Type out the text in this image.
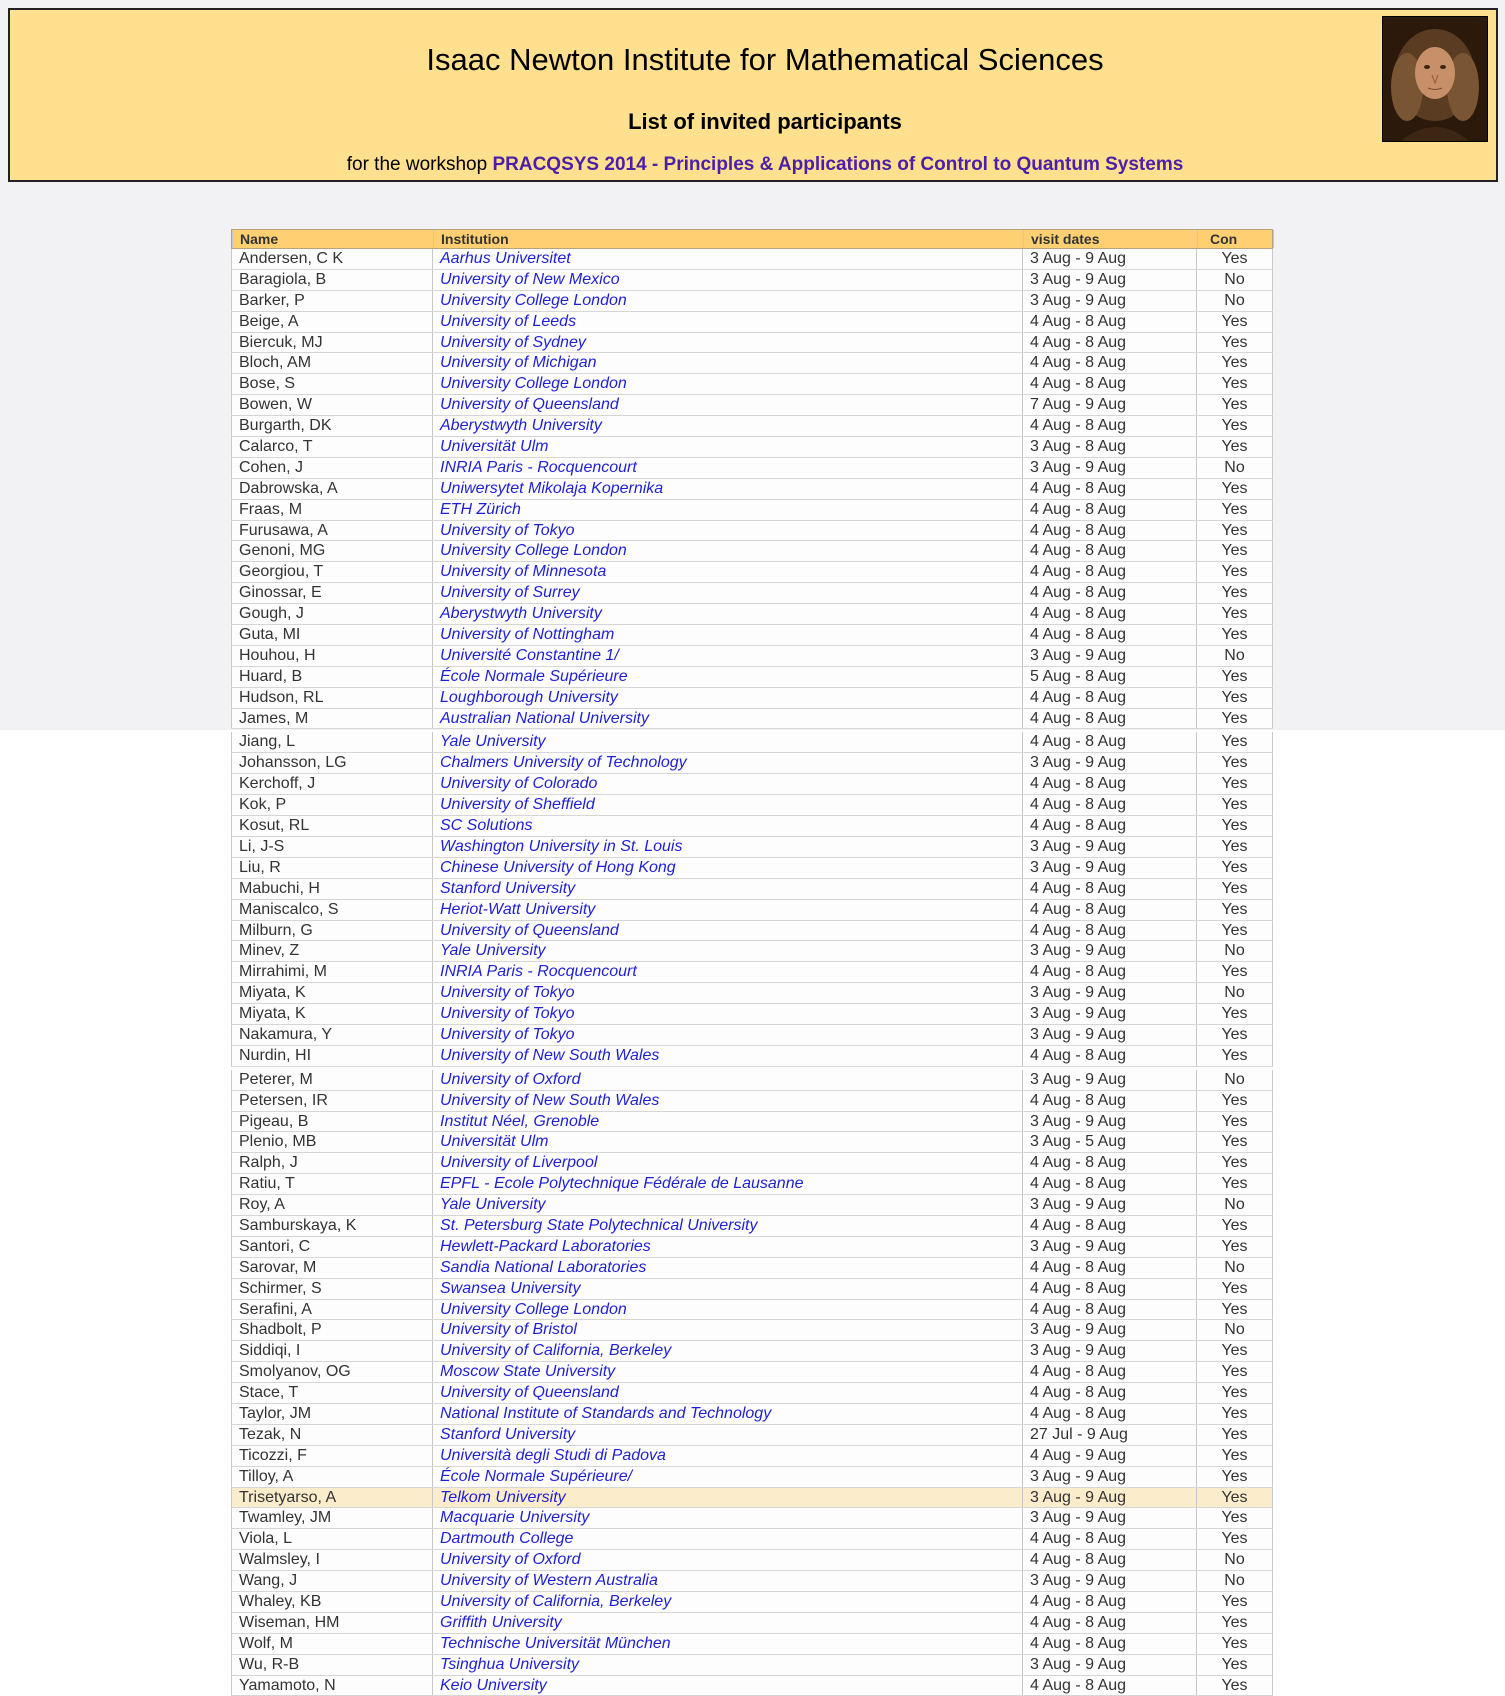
Isaac Newton Institute for Mathematical Sciences
List of invited participants
for the workshop PRACQSYS 2014 - Principles & Applications of Control to Quantum Systems
Name	Institution	visit dates	Con
Andersen, C K	Aarhus Universitet	3 Aug - 9 Aug	Yes
Baragiola, B	University of New Mexico	3 Aug - 9 Aug	No
Barker, P	University College London	3 Aug - 9 Aug	No
Beige, A	University of Leeds	4 Aug - 8 Aug	Yes
Biercuk, MJ	University of Sydney	4 Aug - 8 Aug	Yes
Bloch, AM	University of Michigan	4 Aug - 8 Aug	Yes
Bose, S	University College London	4 Aug - 8 Aug	Yes
Bowen, W	University of Queensland	7 Aug - 9 Aug	Yes
Burgarth, DK	Aberystwyth University	4 Aug - 8 Aug	Yes
Calarco, T	Universität Ulm	3 Aug - 8 Aug	Yes
Cohen, J	INRIA Paris - Rocquencourt	3 Aug - 9 Aug	No
Dabrowska, A	Uniwersytet Mikolaja Kopernika	4 Aug - 8 Aug	Yes
Fraas, M	ETH Zürich	4 Aug - 8 Aug	Yes
Furusawa, A	University of Tokyo	4 Aug - 8 Aug	Yes
Genoni, MG	University College London	4 Aug - 8 Aug	Yes
Georgiou, T	University of Minnesota	4 Aug - 8 Aug	Yes
Ginossar, E	University of Surrey	4 Aug - 8 Aug	Yes
Gough, J	Aberystwyth University	4 Aug - 8 Aug	Yes
Guta, MI	University of Nottingham	4 Aug - 8 Aug	Yes
Houhou, H	Université Constantine 1/	3 Aug - 9 Aug	No
Huard, B	École Normale Supérieure	5 Aug - 8 Aug	Yes
Hudson, RL	Loughborough University	4 Aug - 8 Aug	Yes
James, M	Australian National University	4 Aug - 8 Aug	Yes
Jiang, L	Yale University	4 Aug - 8 Aug	Yes
Johansson, LG	Chalmers University of Technology	3 Aug - 9 Aug	Yes
Kerchoff, J	University of Colorado	4 Aug - 8 Aug	Yes
Kok, P	University of Sheffield	4 Aug - 8 Aug	Yes
Kosut, RL	SC Solutions	4 Aug - 8 Aug	Yes
Li, J-S	Washington University in St. Louis	3 Aug - 9 Aug	Yes
Liu, R	Chinese University of Hong Kong	3 Aug - 9 Aug	Yes
Mabuchi, H	Stanford University	4 Aug - 8 Aug	Yes
Maniscalco, S	Heriot-Watt University	4 Aug - 8 Aug	Yes
Milburn, G	University of Queensland	4 Aug - 8 Aug	Yes
Minev, Z	Yale University	3 Aug - 9 Aug	No
Mirrahimi, M	INRIA Paris - Rocquencourt	4 Aug - 8 Aug	Yes
Miyata, K	University of Tokyo	3 Aug - 9 Aug	No
Miyata, K	University of Tokyo	3 Aug - 9 Aug	Yes
Nakamura, Y	University of Tokyo	3 Aug - 9 Aug	Yes
Nurdin, HI	University of New South Wales	4 Aug - 8 Aug	Yes
Peterer, M	University of Oxford	3 Aug - 9 Aug	No
Petersen, IR	University of New South Wales	4 Aug - 8 Aug	Yes
Pigeau, B	Institut Néel, Grenoble	3 Aug - 9 Aug	Yes
Plenio, MB	Universität Ulm	3 Aug - 5 Aug	Yes
Ralph, J	University of Liverpool	4 Aug - 8 Aug	Yes
Ratiu, T	EPFL - Ecole Polytechnique Fédérale de Lausanne	4 Aug - 8 Aug	Yes
Roy, A	Yale University	3 Aug - 9 Aug	No
Samburskaya, K	St. Petersburg State Polytechnical University	4 Aug - 8 Aug	Yes
Santori, C	Hewlett-Packard Laboratories	3 Aug - 9 Aug	Yes
Sarovar, M	Sandia National Laboratories	4 Aug - 8 Aug	No
Schirmer, S	Swansea University	4 Aug - 8 Aug	Yes
Serafini, A	University College London	4 Aug - 8 Aug	Yes
Shadbolt, P	University of Bristol	3 Aug - 9 Aug	No
Siddiqi, I	University of California, Berkeley	3 Aug - 9 Aug	Yes
Smolyanov, OG	Moscow State University	4 Aug - 8 Aug	Yes
Stace, T	University of Queensland	4 Aug - 8 Aug	Yes
Taylor, JM	National Institute of Standards and Technology	4 Aug - 8 Aug	Yes
Tezak, N	Stanford University	27 Jul - 9 Aug	Yes
Ticozzi, F	Università degli Studi di Padova	4 Aug - 9 Aug	Yes
Tilloy, A	École Normale Supérieure/	3 Aug - 9 Aug	Yes
Trisetyarso, A	Telkom University	3 Aug - 9 Aug	Yes
Twamley, JM	Macquarie University	3 Aug - 9 Aug	Yes
Viola, L	Dartmouth College	4 Aug - 8 Aug	Yes
Walmsley, I	University of Oxford	4 Aug - 8 Aug	No
Wang, J	University of Western Australia	3 Aug - 9 Aug	No
Whaley, KB	University of California, Berkeley	4 Aug - 8 Aug	Yes
Wiseman, HM	Griffith University	4 Aug - 8 Aug	Yes
Wolf, M	Technische Universität München	4 Aug - 8 Aug	Yes
Wu, R-B	Tsinghua University	3 Aug - 9 Aug	Yes
Yamamoto, N	Keio University	4 Aug - 8 Aug	Yes
